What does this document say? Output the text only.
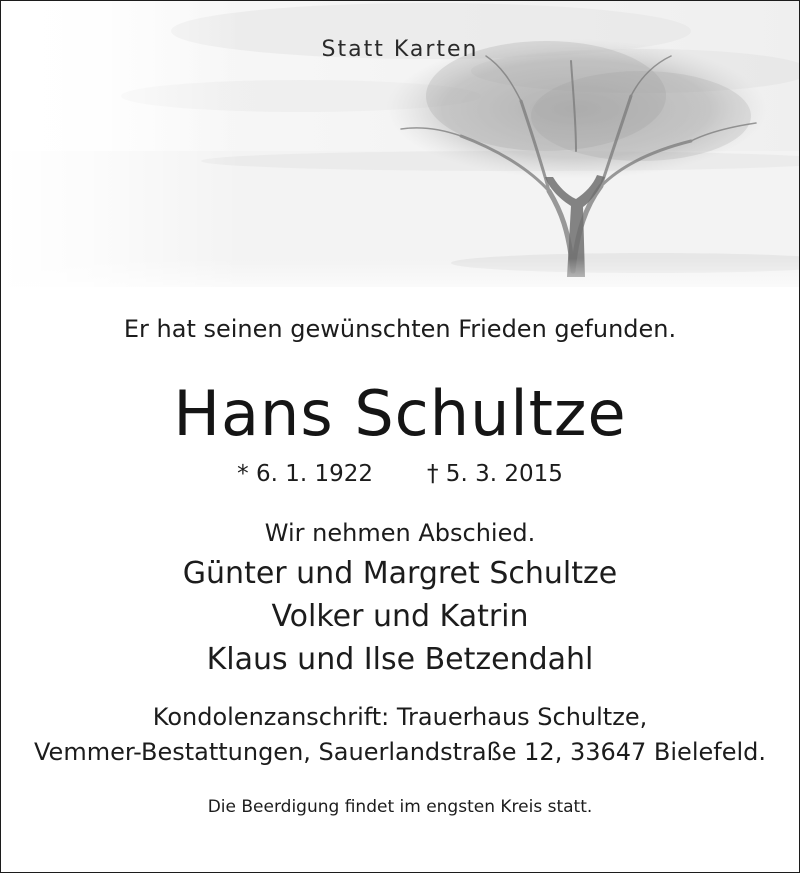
Statt Karten
Er hat seinen gewünschten Frieden gefunden.
Hans Schultze
* 6. 1. 1922 † 5. 3. 2015
Wir nehmen Abschied.
Günter und Margret Schultze
Volker und Katrin
Klaus und Ilse Betzendahl
Kondolenzanschrift: Trauerhaus Schultze,
Vemmer-Bestattungen, Sauerlandstraße 12, 33647 Bielefeld.
Die Beerdigung findet im engsten Kreis statt.
